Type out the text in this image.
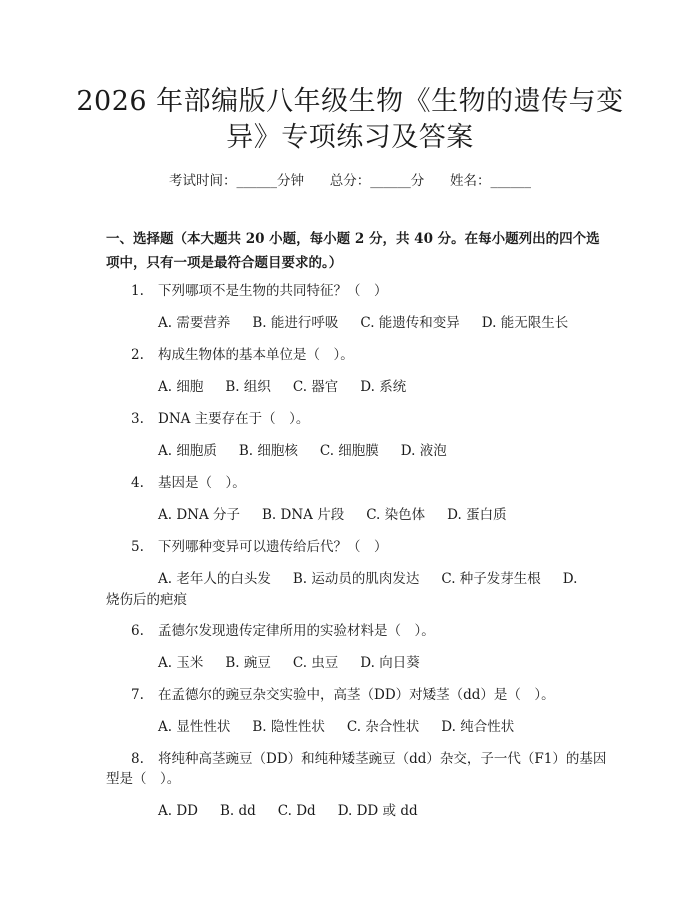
2026 年部编版八年级生物《生物的遗传与变
异》专项练习及答案
考试时间：______分钟 总分：______分 姓名：______
一、选择题（本大题共 20 小题，每小题 2 分，共 40 分。在每小题列出的四个选
项中，只有一项是最符合题目要求的。）
1. 下列哪项不是生物的共同特征？（　）
A. 需要营养 B. 能进行呼吸 C. 能遗传和变异 D. 能无限生长
2. 构成生物体的基本单位是（　）。
A. 细胞 B. 组织 C. 器官 D. 系统
3. DNA 主要存在于（　）。
A. 细胞质 B. 细胞核 C. 细胞膜 D. 液泡
4. 基因是（　）。
A. DNA 分子 B. DNA 片段 C. 染色体 D. 蛋白质
5. 下列哪种变异可以遗传给后代？（　）
A. 老年人的白头发 B. 运动员的肌肉发达 C. 种子发芽生根 D.
烧伤后的疤痕
6. 孟德尔发现遗传定律所用的实验材料是（　）。
A. 玉米 B. 豌豆 C. 虫豆 D. 向日葵
7. 在孟德尔的豌豆杂交实验中，高茎（DD）对矮茎（dd）是（　）。
A. 显性性状 B. 隐性性状 C. 杂合性状 D. 纯合性状
8. 将纯种高茎豌豆（DD）和纯种矮茎豌豆（dd）杂交，子一代（F1）的基因
型是（　）。
A. DD B. dd C. Dd D. DD 或 dd
